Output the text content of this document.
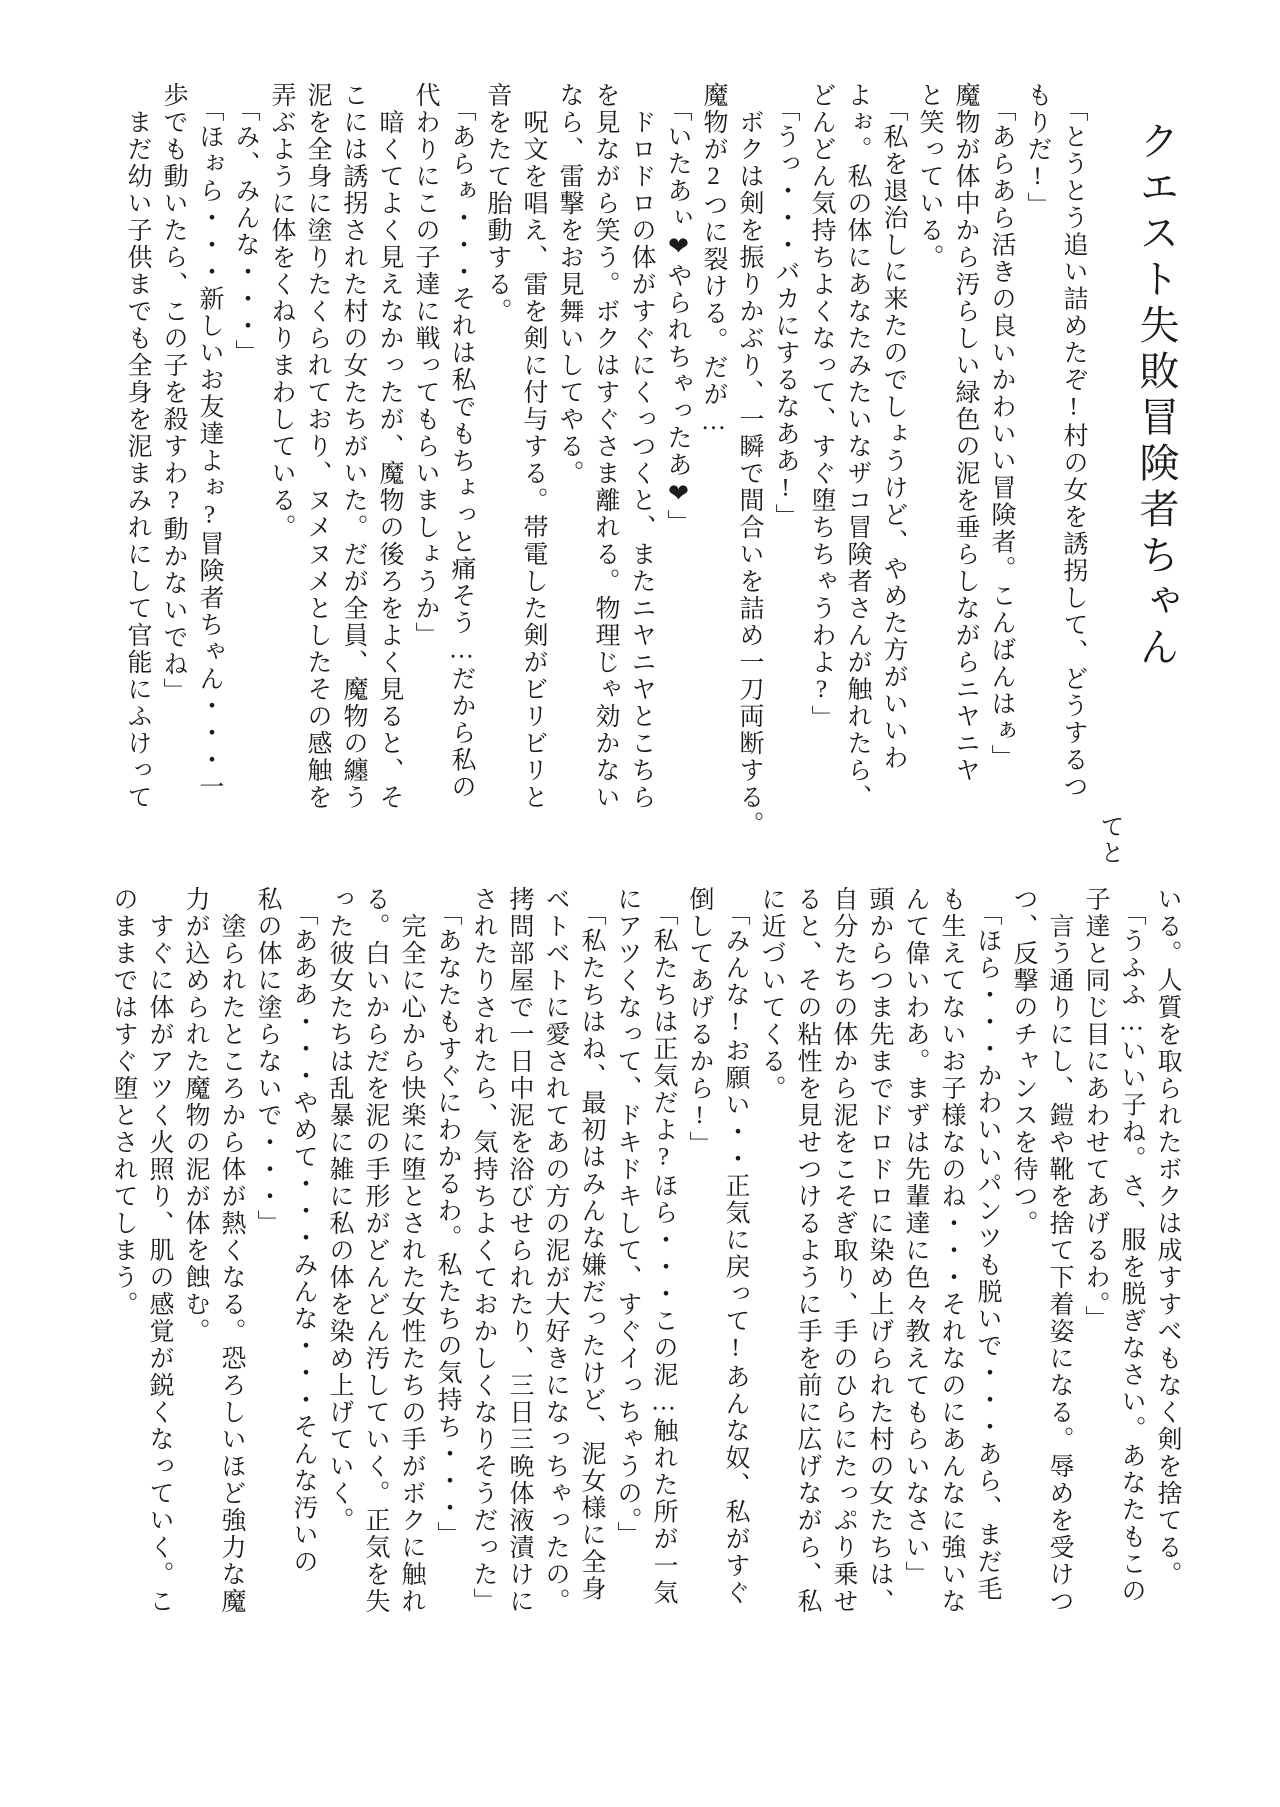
クエスト失敗冒険者ちゃん
てと
　「とうとう追い詰めたぞ!村の女を誘拐して、どうするつ
もりだ!」
　「あらあら活きの良いかわいい冒険者。こんばんはぁ」
魔物が体中から汚らしい緑色の泥を垂らしながらニヤニヤ
と笑っている。
　「私を退治しに来たのでしょうけど、やめた方がいいわ
よぉ。私の体にあなたみたいなザコ冒険者さんが触れたら、
どんどん気持ちよくなって、すぐ堕ちちゃうわよ?」
　「うっ・・・バカにするなああ!」
　ボクは剣を振りかぶり、一瞬で間合いを詰め一刀両断する。
魔物が2つに裂ける。だが…
　「いたあぃ❤やられちゃったあ❤」
　ドロドロの体がすぐにくっつくと、またニヤニヤとこちら
を見ながら笑う。ボクはすぐさま離れる。物理じゃ効かない
なら、雷撃をお見舞いしてやる。
　呪文を唱え、雷を剣に付与する。帯電した剣がビリビリと
音をたて胎動する。
　「あらぁ・・・それは私でもちょっと痛そう…だから私の
代わりにこの子達に戦ってもらいましょうか」
　暗くてよく見えなかったが、魔物の後ろをよく見ると、そ
こには誘拐された村の女たちがいた。だが全員、魔物の纏う
泥を全身に塗りたくられており、ヌメヌメとしたその感触を
弄ぶように体をくねりまわしている。
　「み、みんな・・・」
　「ほぉら・・・新しいお友達よぉ?冒険者ちゃん・・・一
歩でも動いたら、この子を殺すわ?動かないでね」
　まだ幼い子供までも全身を泥まみれにして官能にふけって
いる。人質を取られたボクは成すすべもなく剣を捨てる。
　「うふふ…いい子ね。さ、服を脱ぎなさい。あなたもこの
子達と同じ目にあわせてあげるわ。」
　言う通りにし、鎧や靴を捨て下着姿になる。辱めを受けつ
つ、反撃のチャンスを待つ。
　「ほら・・・かわいいパンツも脱いで・・・あら、まだ毛
も生えてないお子様なのね・・・それなのにあんなに強いな
んて偉いわあ。まずは先輩達に色々教えてもらいなさい」
頭からつま先までドロドロに染め上げられた村の女たちは、
自分たちの体から泥をこそぎ取り、手のひらにたっぷり乗せ
ると、その粘性を見せつけるように手を前に広げながら、私
に近づいてくる。
　「みんな!お願い・・正気に戻って!あんな奴、私がすぐ
倒してあげるから!」
　「私たちは正気だよ?ほら・・・この泥…触れた所が一気
にアツくなって、ドキドキして、すぐイっちゃうの。」
　「私たちはね、最初はみんな嫌だったけど、泥女様に全身
ベトベトに愛されてあの方の泥が大好きになっちゃったの。
拷問部屋で一日中泥を浴びせられたり、三日三晩体液漬けに
されたりされたら、気持ちよくておかしくなりそうだった」
　「あなたもすぐにわかるわ。私たちの気持ち・・・」
　完全に心から快楽に堕とされた女性たちの手がボクに触れ
る。白いからだを泥の手形がどんどん汚していく。正気を失
った彼女たちは乱暴に雑に私の体を染め上げていく。
　「あああ・・・やめて・・・みんな・・・そんな汚いの
私の体に塗らないで・・・」
　塗られたところから体が熱くなる。恐ろしいほど強力な魔
力が込められた魔物の泥が体を蝕む。
　すぐに体がアツく火照り、肌の感覚が鋭くなっていく。こ
のままではすぐ堕とされてしまう。
